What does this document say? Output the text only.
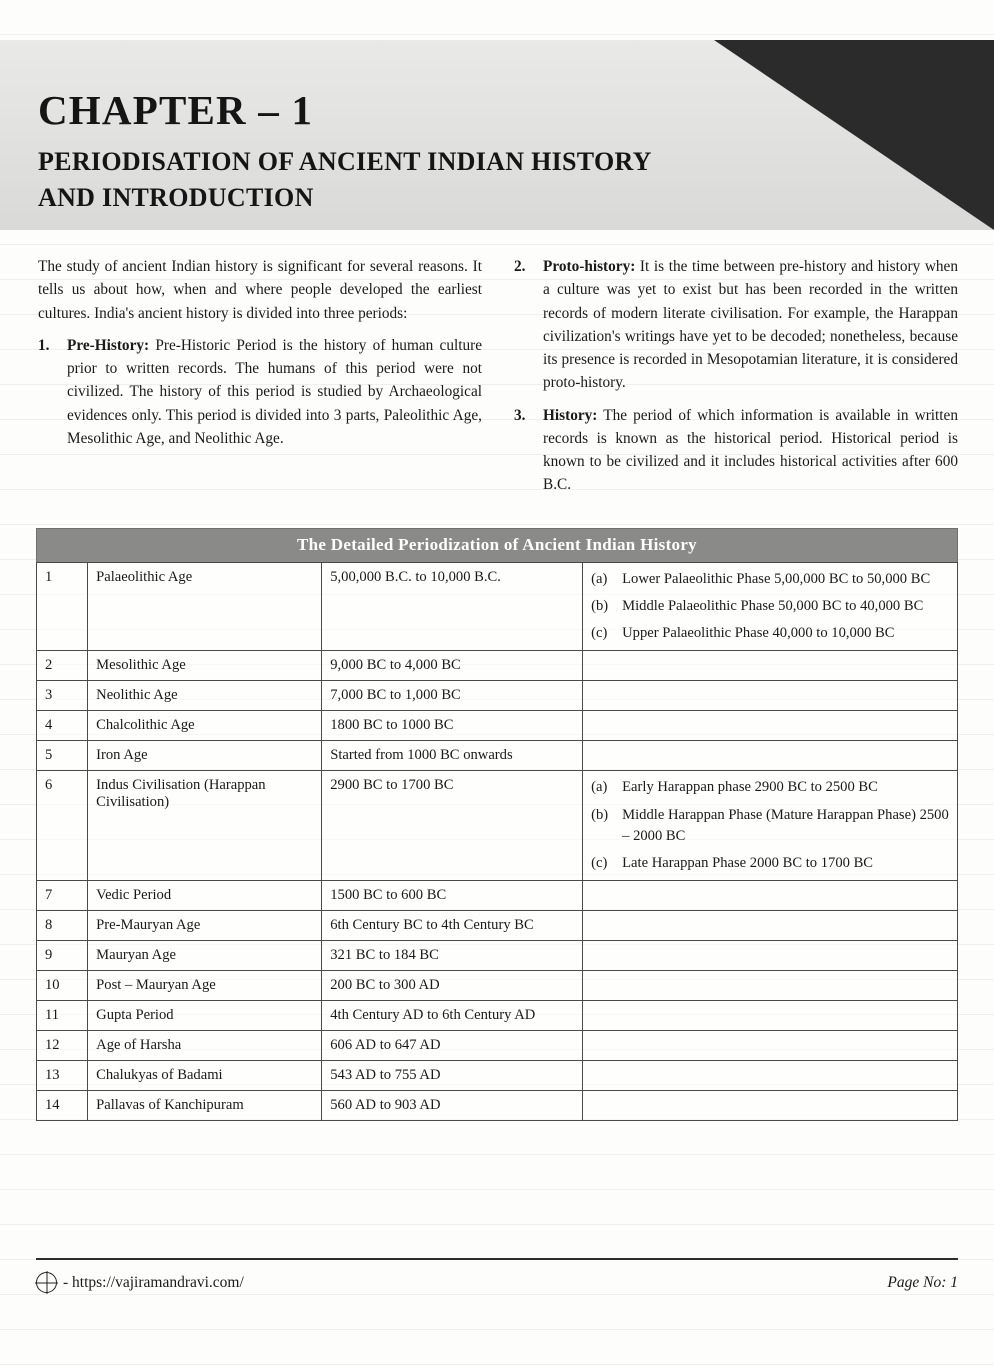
CHAPTER – 1
PERIODISATION OF ANCIENT INDIAN HISTORY
AND INTRODUCTION

The study of ancient Indian history is significant for several reasons. It tells us about how, when and where people developed the earliest cultures. India's ancient history is divided into three periods:

1. Pre-History: Pre-Historic Period is the history of human culture prior to written records. The humans of this period were not civilized. The history of this period is studied by Archaeological evidences only. This period is divided into 3 parts, Paleolithic Age, Mesolithic Age, and Neolithic Age.
2. Proto-history: It is the time between pre-history and history when a culture was yet to exist but has been recorded in the written records of modern literate civilisation. For example, the Harappan civilization's writings have yet to be decoded; nonetheless, because its presence is recorded in Mesopotamian literature, it is considered proto-history.
3. History: The period of which information is available in written records is known as the historical period. Historical period is known to be civilized and it includes historical activities after 600 B.C.
The Detailed Periodization of Ancient Indian History
1	Palaeolithic Age	5,00,000 B.C. to 10,000 B.C.	(a)	Lower Palaeolithic Phase 5,00,000 BC to 50,000 BC
(b) Middle Palaeolithic Phase 50,000 BC to 40,000 BC
(c)	Upper Palaeolithic Phase 40,000 to 10,000 BC

2	Mesolithic Age	9,000 BC to 4,000 BC	
3	Neolithic Age	7,000 BC to 1,000 BC	
4	Chalcolithic Age	1800 BC to 1000 BC	
5	Iron Age	Started from 1000 BC onwards	
6	Indus Civilisation (Harappan Civilisation)	2900 BC to 1700 BC	(a)	Early Harappan phase 2900 BC to 2500 BC
(b) Middle Harappan Phase (Mature Harappan Phase) 2500 – 2000 BC
(c)	Late Harappan Phase 2000 BC to 1700 BC

7	Vedic Period	1500 BC to 600 BC	
8	Pre-Mauryan Age	6th Century BC to 4th Century BC	
9	Mauryan Age	321 BC to 184 BC	
10	Post – Mauryan Age	200 BC to 300 AD	
11	Gupta Period	4th Century AD to 6th Century AD	
12	Age of Harsha	606 AD to 647 AD	
13	Chalukyas of Badami	543 AD to 755 AD	
14	Pallavas of Kanchipuram	560 AD to 903 AD	
- https://vajiramandravi.com/	Page No: 1
